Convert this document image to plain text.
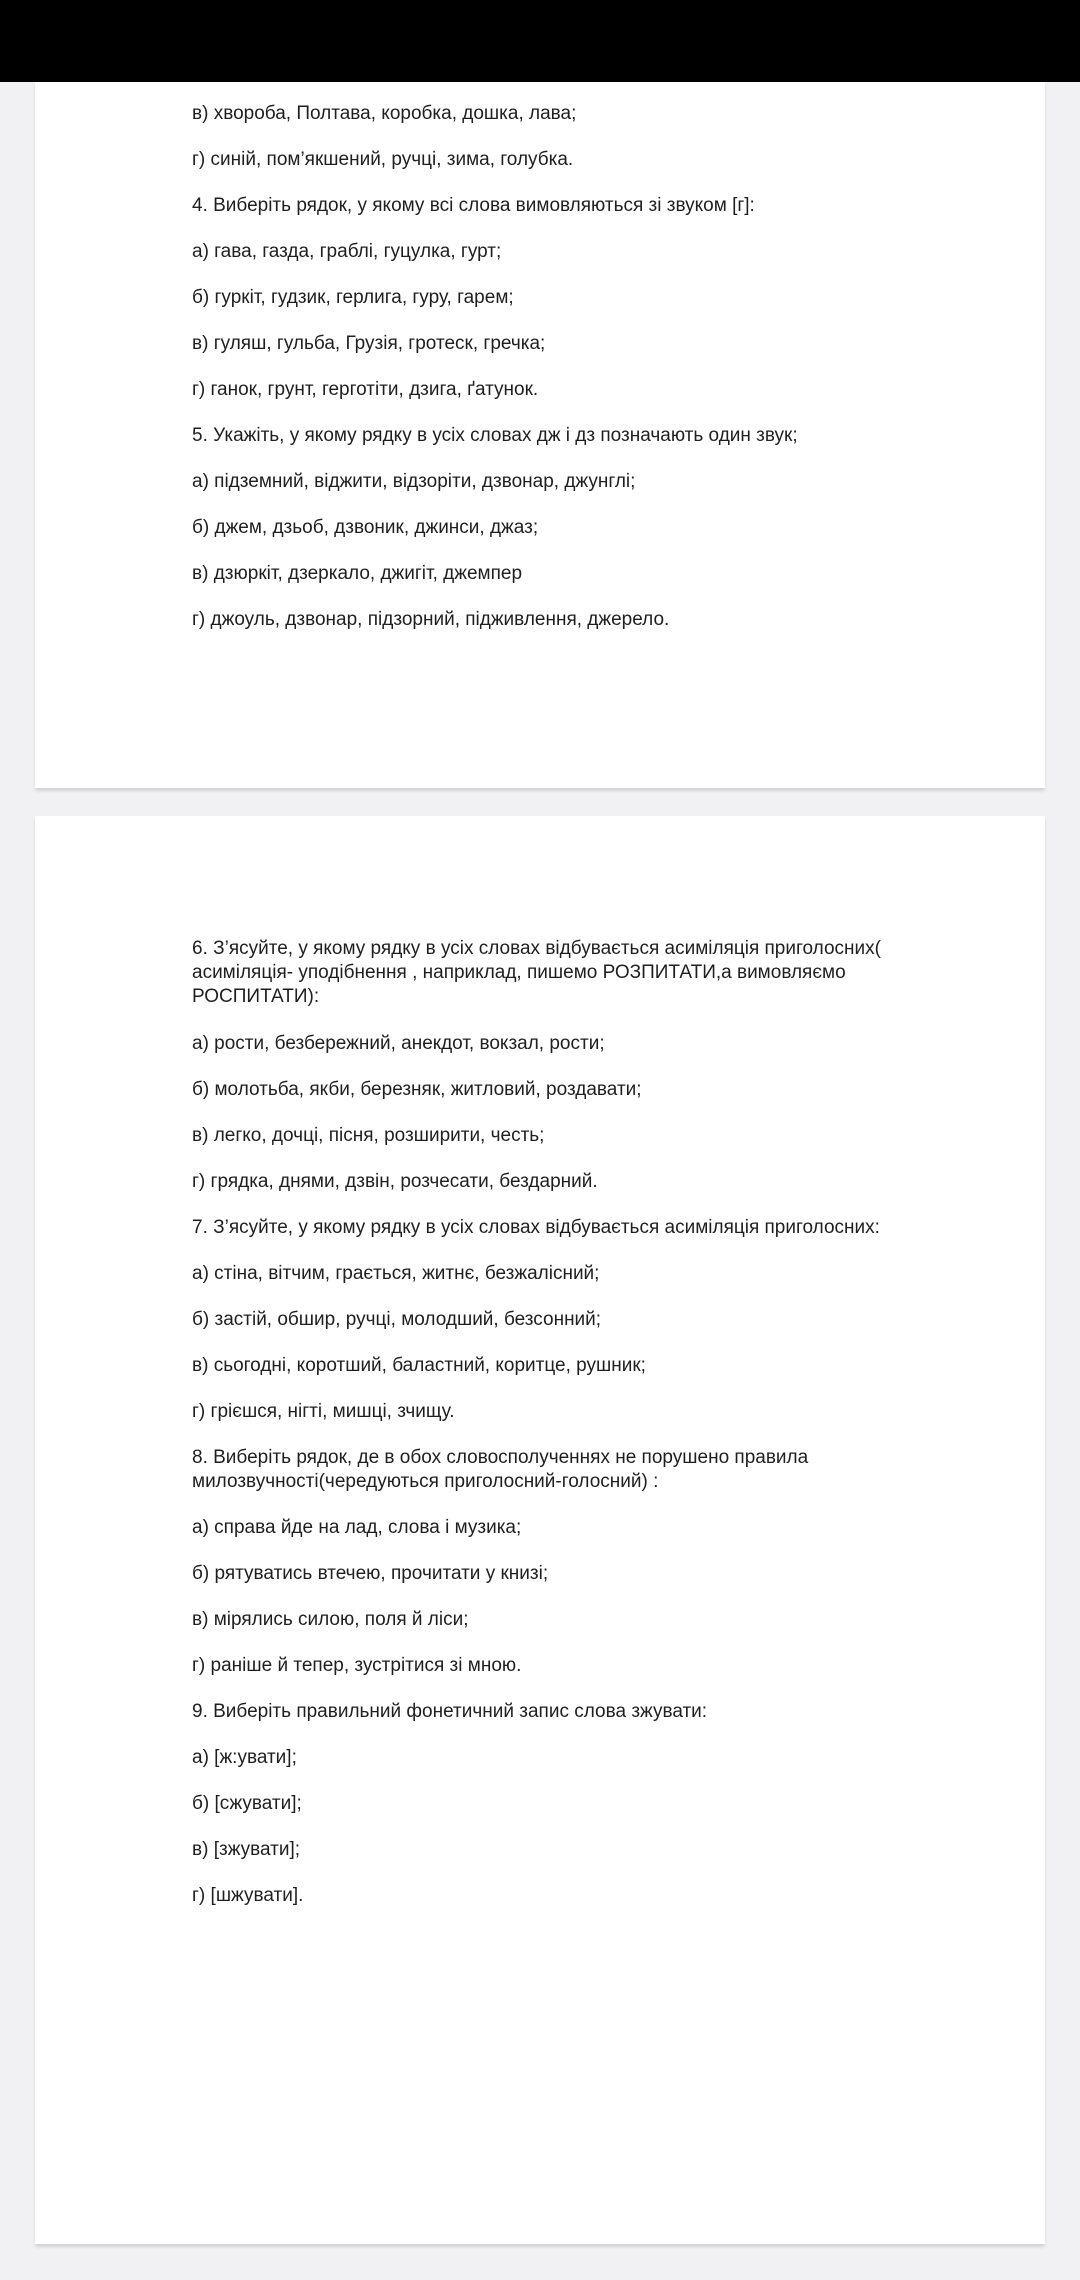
в) хвороба, Полтава, коробка, дошка, лава;

г) синій, пом’якшений, ручці, зима, голубка.

4. Виберіть рядок, у якому всі слова вимовляються зі звуком [г]:

а) гава, газда, граблі, гуцулка, гурт;

б) гуркіт, гудзик, герлига, гуру, гарем;

в) гуляш, гульба, Грузія, гротеск, гречка;

г) ганок, грунт, герготіти, дзига, ґатунок.

5. Укажіть, у якому рядку в усіх словах дж і дз позначають один звук;

а) підземний, віджити, відзоріти, дзвонар, джунглі;

б) джем, дзьоб, дзвоник, джинси, джаз;

в) дзюркіт, дзеркало, джигіт, джемпер

г) джоуль, дзвонар, підзорний, підживлення, джерело.

6. З’ясуйте, у якому рядку в усіх словах відбувається асиміляція приголосних(

асиміляція- уподібнення , наприклад, пишемо РОЗПИТАТИ,а вимовляємо

РОСПИТАТИ):

а) рости, безбережний, анекдот, вокзал, рости;

б) молотьба, якби, березняк, житловий, роздавати;

в) легко, дочці, пісня, розширити, честь;

г) грядка, днями, дзвін, розчесати, бездарний.

7. З’ясуйте, у якому рядку в усіх словах відбувається асиміляція приголосних:

а) стіна, вітчим, грається, житнє, безжалісний;

б) застій, обшир, ручці, молодший, безсонний;

в) сьогодні, коротший, баластний, коритце, рушник;

г) грієшся, нігті, мишці, зчищу.

8. Виберіть рядок, де в обох словосполученнях не порушено правила

милозвучності(чередуються приголосний-голосний) :

а) справа йде на лад, слова і музика;

б) рятуватись втечею, прочитати у книзі;

в) мірялись силою, поля й ліси;

г) раніше й тепер, зустрітися зі мною.

9. Виберіть правильний фонетичний запис слова зжувати:

а) [ж:увати];

б) [сжувати];

в) [зжувати];

г) [шжувати].
